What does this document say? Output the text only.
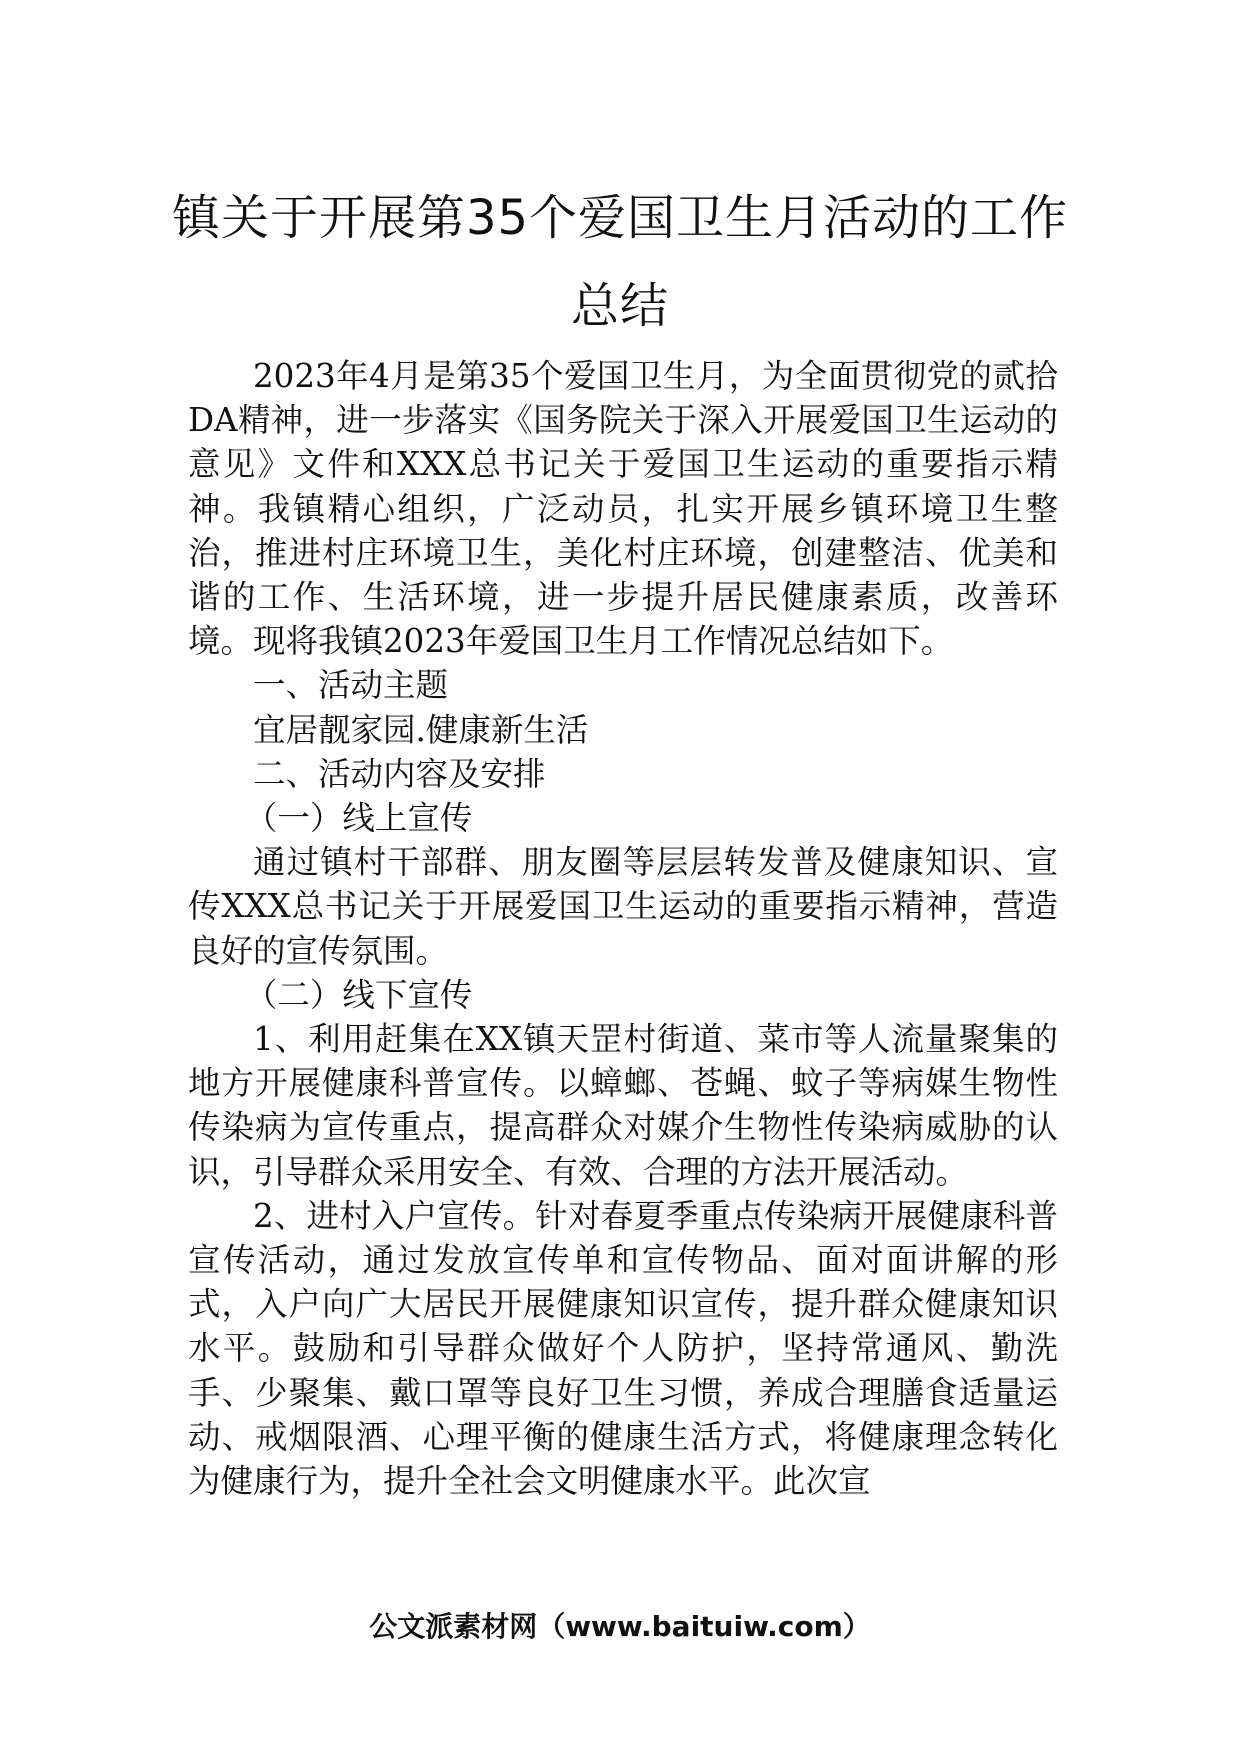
镇关于开展第35个爱国卫生月活动的工作
总结

2023年4月是第35个爱国卫生月，为全面贯彻党的贰拾DA精神，进一步落实《国务院关于深入开展爱国卫生运动的意见》文件和XXX总书记关于爱国卫生运动的重要指示精神。我镇精心组织，广泛动员，扎实开展乡镇环境卫生整治，推进村庄环境卫生，美化村庄环境，创建整洁、优美和谐的工作、生活环境，进一步提升居民健康素质，改善环境。现将我镇2023年爱国卫生月工作情况总结如下。

一、活动主题

宜居靓家园.健康新生活

二、活动内容及安排

（一）线上宣传

通过镇村干部群、朋友圈等层层转发普及健康知识、宣传XXX总书记关于开展爱国卫生运动的重要指示精神，营造良好的宣传氛围。

（二）线下宣传

1、利用赶集在XX镇天罡村街道、菜市等人流量聚集的地方开展健康科普宣传。以蟑螂、苍蝇、蚊子等病媒生物性传染病为宣传重点，提高群众对媒介生物性传染病威胁的认识，引导群众采用安全、有效、合理的方法开展活动。

2、进村入户宣传。针对春夏季重点传染病开展健康科普宣传活动，通过发放宣传单和宣传物品、面对面讲解的形式，入户向广大居民开展健康知识宣传，提升群众健康知识水平。鼓励和引导群众做好个人防护，坚持常通风、勤洗手、少聚集、戴口罩等良好卫生习惯，养成合理膳食适量运动、戒烟限酒、心理平衡的健康生活方式，将健康理念转化为健康行为，提升全社会文明健康水平。此次宣

公文派素材网（www.baituiw.com）
